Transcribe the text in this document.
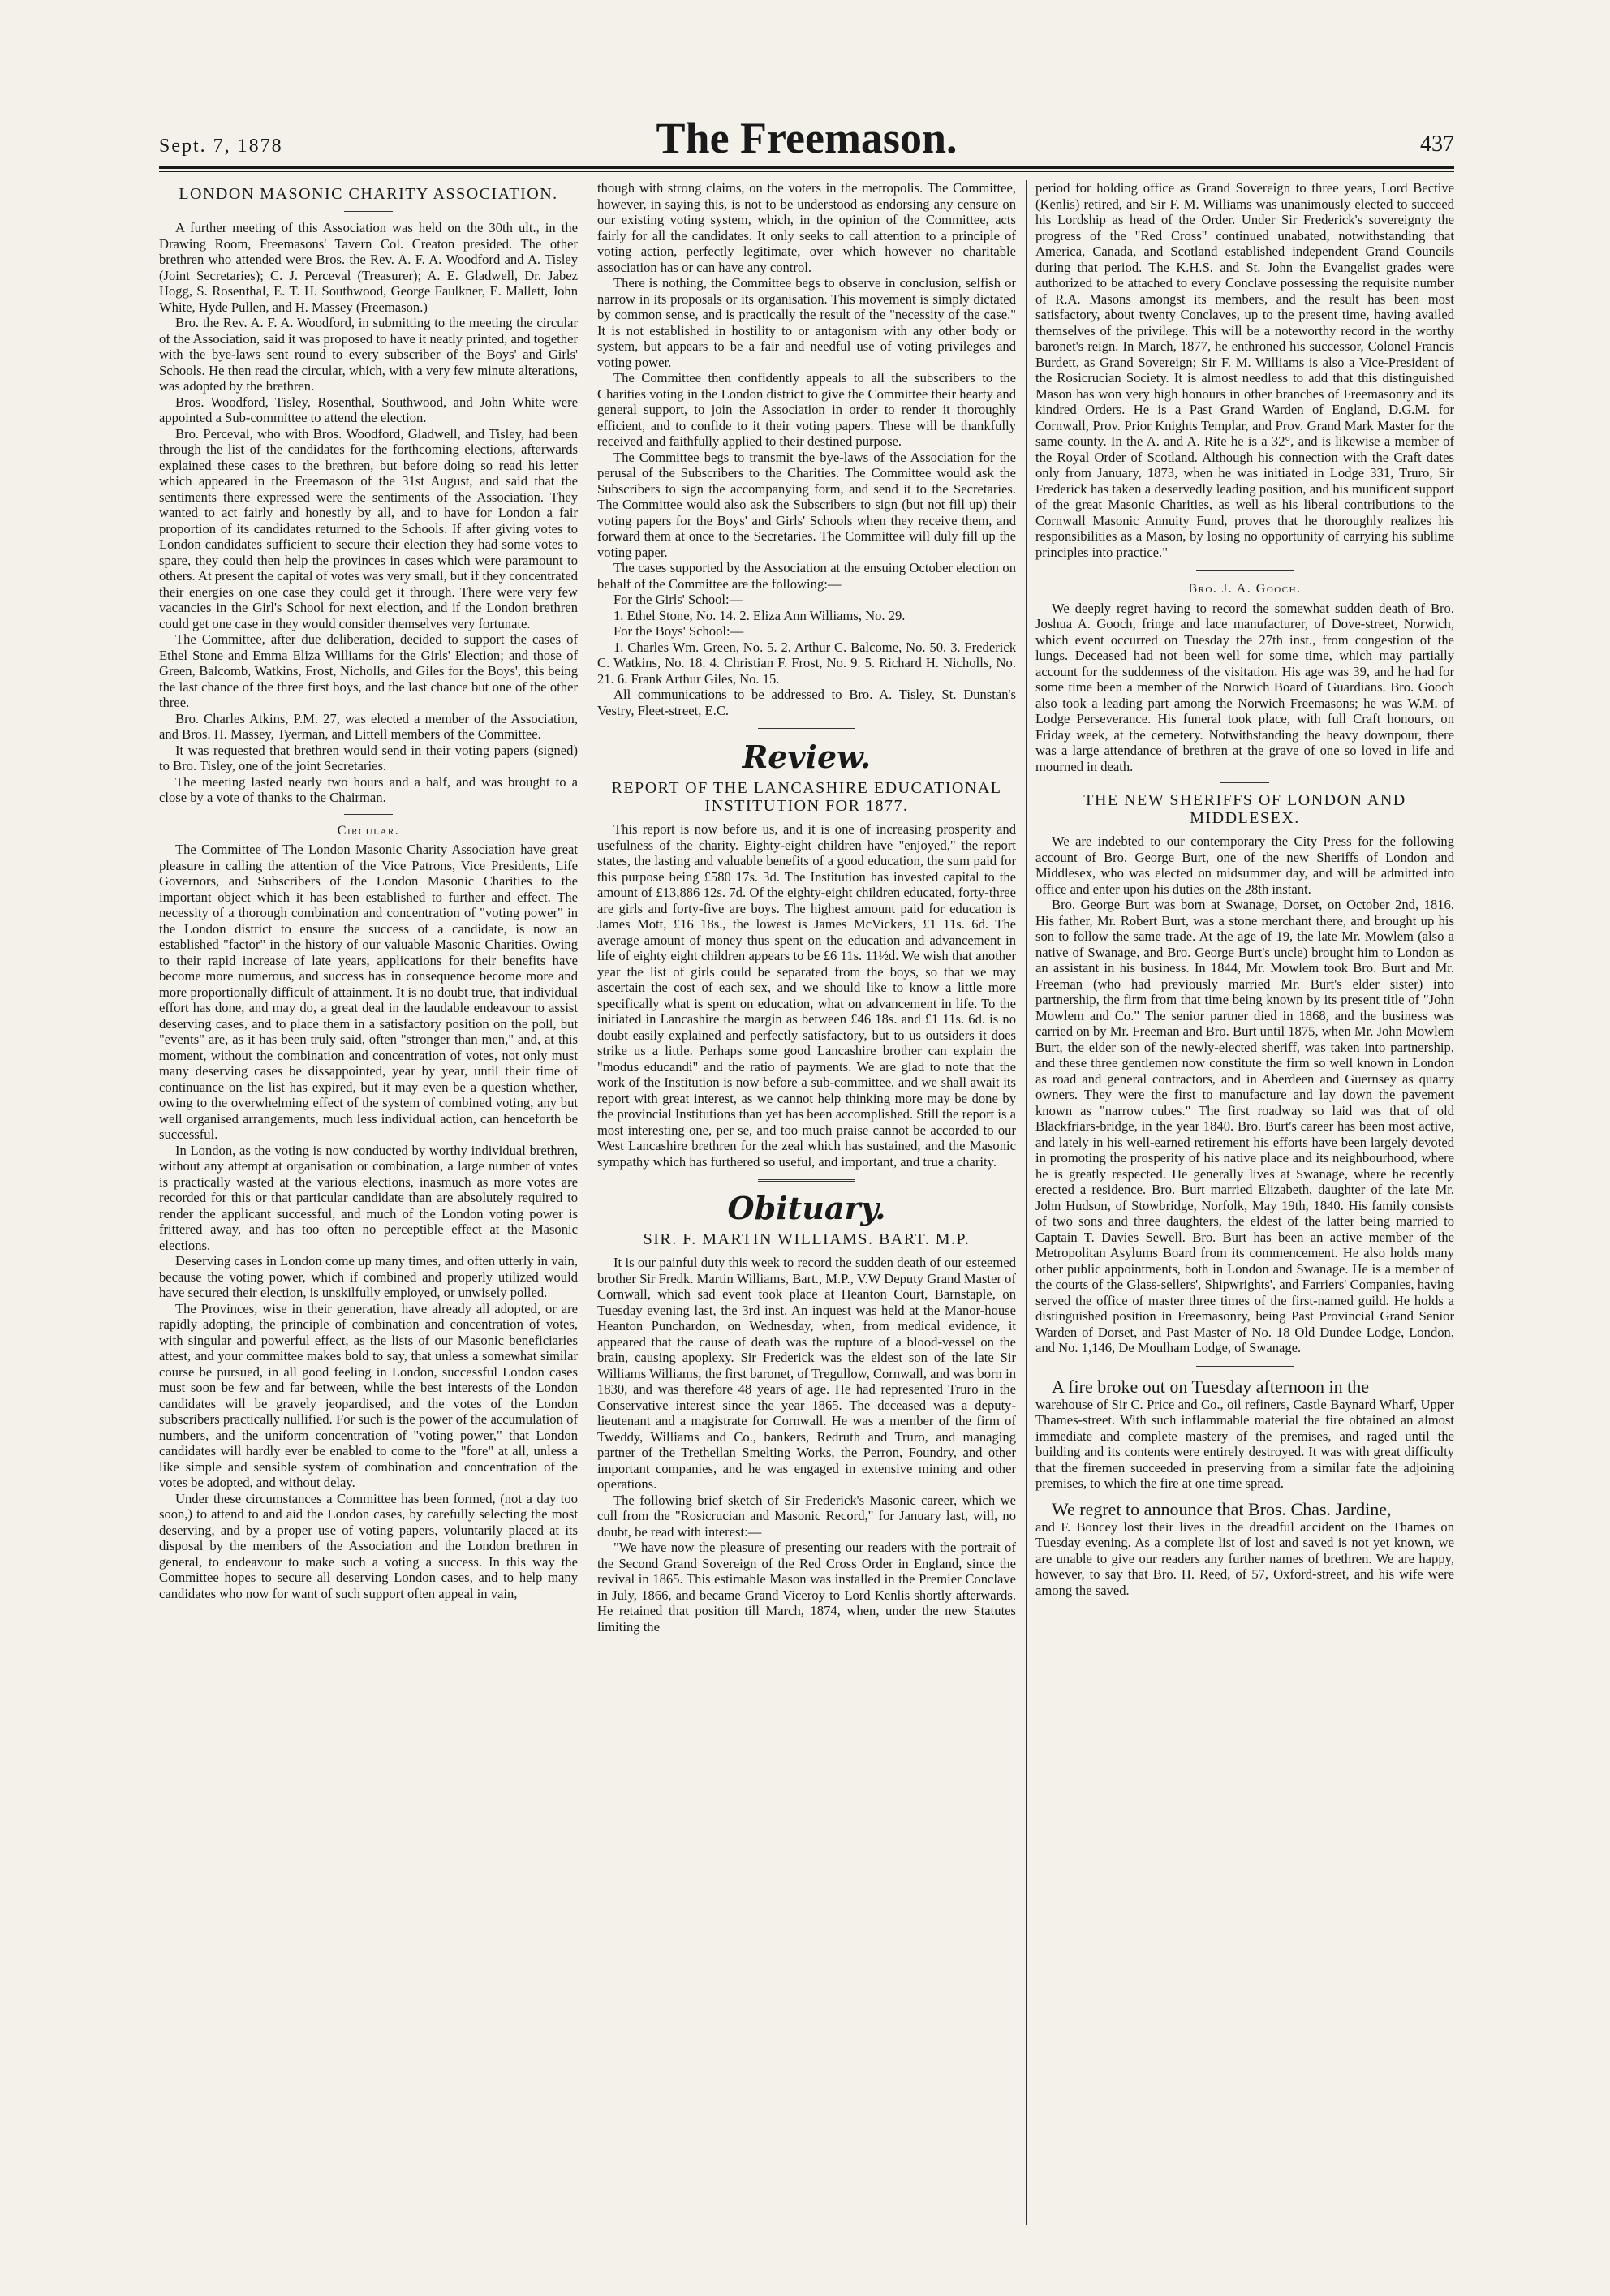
Sept. 7, 1878	The Freemason.	437
LONDON MASONIC CHARITY ASSOCIATION.

A further meeting of this Association was held on the 30th ult., in the Drawing Room, Freemasons' Tavern Col. Creaton presided. The other brethren who attended were Bros. the Rev. A. F. A. Woodford and A. Tisley (Joint Secretaries); C. J. Perceval (Treasurer); A. E. Gladwell, Dr. Jabez Hogg, S. Rosenthal, E. T. H. Southwood, George Faulkner, E. Mallett, John White, Hyde Pullen, and H. Massey (Freemason.)

Bro. the Rev. A. F. A. Woodford, in submitting to the meeting the circular of the Association, said it was proposed to have it neatly printed, and together with the bye-laws sent round to every subscriber of the Boys' and Girls' Schools. He then read the circular, which, with a very few minute alterations, was adopted by the brethren.

Bros. Woodford, Tisley, Rosenthal, Southwood, and John White were appointed a Sub-committee to attend the election.

Bro. Perceval, who with Bros. Woodford, Gladwell, and Tisley, had been through the list of the candidates for the forthcoming elections, afterwards explained these cases to the brethren, but before doing so read his letter which appeared in the Freemason of the 31st August, and said that the sentiments there expressed were the sentiments of the Association. They wanted to act fairly and honestly by all, and to have for London a fair proportion of its candidates returned to the Schools. If after giving votes to London candidates sufficient to secure their election they had some votes to spare, they could then help the provinces in cases which were paramount to others. At present the capital of votes was very small, but if they concentrated their energies on one case they could get it through. There were very few vacancies in the Girl's School for next election, and if the London brethren could get one case in they would consider themselves very fortunate.

The Committee, after due deliberation, decided to support the cases of Ethel Stone and Emma Eliza Williams for the Girls' Election; and those of Green, Balcomb, Watkins, Frost, Nicholls, and Giles for the Boys', this being the last chance of the three first boys, and the last chance but one of the other three.

Bro. Charles Atkins, P.M. 27, was elected a member of the Association, and Bros. H. Massey, Tyerman, and Littell members of the Committee.

It was requested that brethren would send in their voting papers (signed) to Bro. Tisley, one of the joint Secretaries.

The meeting lasted nearly two hours and a half, and was brought to a close by a vote of thanks to the Chairman.

Circular.

The Committee of The London Masonic Charity Association have great pleasure in calling the attention of the Vice Patrons, Vice Presidents, Life Governors, and Subscribers of the London Masonic Charities to the important object which it has been established to further and effect. The necessity of a thorough combination and concentration of "voting power" in the London district to ensure the success of a candidate, is now an established "factor" in the history of our valuable Masonic Charities. Owing to their rapid increase of late years, applications for their benefits have become more numerous, and success has in consequence become more and more proportionally difficult of attainment. It is no doubt true, that individual effort has done, and may do, a great deal in the laudable endeavour to assist deserving cases, and to place them in a satisfactory position on the poll, but "events" are, as it has been truly said, often "stronger than men," and, at this moment, without the combination and concentration of votes, not only must many deserving cases be dissappointed, year by year, until their time of continuance on the list has expired, but it may even be a question whether, owing to the overwhelming effect of the system of combined voting, any but well organised arrangements, much less individual action, can henceforth be successful.

In London, as the voting is now conducted by worthy individual brethren, without any attempt at organisation or combination, a large number of votes is practically wasted at the various elections, inasmuch as more votes are recorded for this or that particular candidate than are absolutely required to render the applicant successful, and much of the London voting power is frittered away, and has too often no perceptible effect at the Masonic elections.

Deserving cases in London come up many times, and often utterly in vain, because the voting power, which if combined and properly utilized would have secured their election, is unskilfully employed, or unwisely polled.

The Provinces, wise in their generation, have already all adopted, or are rapidly adopting, the principle of combination and concentration of votes, with singular and powerful effect, as the lists of our Masonic beneficiaries attest, and your committee makes bold to say, that unless a somewhat similar course be pursued, in all good feeling in London, successful London cases must soon be few and far between, while the best interests of the London candidates will be gravely jeopardised, and the votes of the London subscribers practically nullified. For such is the power of the accumulation of numbers, and the uniform concentration of "voting power," that London candidates will hardly ever be enabled to come to the "fore" at all, unless a like simple and sensible system of combination and concentration of the votes be adopted, and without delay.

Under these circumstances a Committee has been formed, (not a day too soon,) to attend to and aid the London cases, by carefully selecting the most deserving, and by a proper use of voting papers, voluntarily placed at its disposal by the members of the Association and the London brethren in general, to endeavour to make such a voting a success. In this way the Committee hopes to secure all deserving London cases, and to help many candidates who now for want of such support often appeal in vain,

though with strong claims, on the voters in the metropolis. The Committee, however, in saying this, is not to be understood as endorsing any censure on our existing voting system, which, in the opinion of the Committee, acts fairly for all the candidates. It only seeks to call attention to a principle of voting action, perfectly legitimate, over which however no charitable association has or can have any control.

There is nothing, the Committee begs to observe in conclusion, selfish or narrow in its proposals or its organisation. This movement is simply dictated by common sense, and is practically the result of the "necessity of the case." It is not established in hostility to or antagonism with any other body or system, but appears to be a fair and needful use of voting privileges and voting power.

The Committee then confidently appeals to all the subscribers to the Charities voting in the London district to give the Committee their hearty and general support, to join the Association in order to render it thoroughly efficient, and to confide to it their voting papers. These will be thankfully received and faithfully applied to their destined purpose.

The Committee begs to transmit the bye-laws of the Association for the perusal of the Subscribers to the Charities. The Committee would ask the Subscribers to sign the accompanying form, and send it to the Secretaries. The Committee would also ask the Subscribers to sign (but not fill up) their voting papers for the Boys' and Girls' Schools when they receive them, and forward them at once to the Secretaries. The Committee will duly fill up the voting paper.

The cases supported by the Association at the ensuing October election on behalf of the Committee are the following:—

For the Girls' School:—

1. Ethel Stone, No. 14. 2. Eliza Ann Williams, No. 29.

For the Boys' School:—

1. Charles Wm. Green, No. 5. 2. Arthur C. Balcome, No. 50. 3. Frederick C. Watkins, No. 18. 4. Christian F. Frost, No. 9. 5. Richard H. Nicholls, No. 21. 6. Frank Arthur Giles, No. 15.

All communications to be addressed to Bro. A. Tisley, St. Dunstan's Vestry, Fleet-street, E.C.

Review.
REPORT OF THE LANCASHIRE EDUCATIONAL INSTITUTION FOR 1877.

This report is now before us, and it is one of increasing prosperity and usefulness of the charity. Eighty-eight children have "enjoyed," the report states, the lasting and valuable benefits of a good education, the sum paid for this purpose being £580 17s. 3d. The Institution has invested capital to the amount of £13,886 12s. 7d. Of the eighty-eight children educated, forty-three are girls and forty-five are boys. The highest amount paid for education is James Mott, £16 18s., the lowest is James McVickers, £1 11s. 6d. The average amount of money thus spent on the education and advancement in life of eighty eight children appears to be £6 11s. 11½d. We wish that another year the list of girls could be separated from the boys, so that we may ascertain the cost of each sex, and we should like to know a little more specifically what is spent on education, what on advancement in life. To the initiated in Lancashire the margin as between £46 18s. and £1 11s. 6d. is no doubt easily explained and perfectly satisfactory, but to us outsiders it does strike us a little. Perhaps some good Lancashire brother can explain the "modus educandi" and the ratio of payments. We are glad to note that the work of the Institution is now before a sub-committee, and we shall await its report with great interest, as we cannot help thinking more may be done by the provincial Institutions than yet has been accomplished. Still the report is a most interesting one, per se, and too much praise cannot be accorded to our West Lancashire brethren for the zeal which has sustained, and the Masonic sympathy which has furthered so useful, and important, and true a charity.

Obituary.
SIR. F. MARTIN WILLIAMS. BART. M.P.

It is our painful duty this week to record the sudden death of our esteemed brother Sir Fredk. Martin Williams, Bart., M.P., V.W Deputy Grand Master of Cornwall, which sad event took place at Heanton Court, Barnstaple, on Tuesday evening last, the 3rd inst. An inquest was held at the Manor-house Heanton Punchardon, on Wednesday, when, from medical evidence, it appeared that the cause of death was the rupture of a blood-vessel on the brain, causing apoplexy. Sir Frederick was the eldest son of the late Sir Williams Williams, the first baronet, of Tregullow, Cornwall, and was born in 1830, and was therefore 48 years of age. He had represented Truro in the Conservative interest since the year 1865. The deceased was a deputy-lieutenant and a magistrate for Cornwall. He was a member of the firm of Tweddy, Williams and Co., bankers, Redruth and Truro, and managing partner of the Trethellan Smelting Works, the Perron, Foundry, and other important companies, and he was engaged in extensive mining and other operations.

The following brief sketch of Sir Frederick's Masonic career, which we cull from the "Rosicrucian and Masonic Record," for January last, will, no doubt, be read with interest:—

"We have now the pleasure of presenting our readers with the portrait of the Second Grand Sovereign of the Red Cross Order in England, since the revival in 1865. This estimable Mason was installed in the Premier Conclave in July, 1866, and became Grand Viceroy to Lord Kenlis shortly afterwards. He retained that position till March, 1874, when, under the new Statutes limiting the

period for holding office as Grand Sovereign to three years, Lord Bective (Kenlis) retired, and Sir F. M. Williams was unanimously elected to succeed his Lordship as head of the Order. Under Sir Frederick's sovereignty the progress of the "Red Cross" continued unabated, notwithstanding that America, Canada, and Scotland established independent Grand Councils during that period. The K.H.S. and St. John the Evangelist grades were authorized to be attached to every Conclave possessing the requisite number of R.A. Masons amongst its members, and the result has been most satisfactory, about twenty Conclaves, up to the present time, having availed themselves of the privilege. This will be a noteworthy record in the worthy baronet's reign. In March, 1877, he enthroned his successor, Colonel Francis Burdett, as Grand Sovereign; Sir F. M. Williams is also a Vice-President of the Rosicrucian Society. It is almost needless to add that this distinguished Mason has won very high honours in other branches of Freemasonry and its kindred Orders. He is a Past Grand Warden of England, D.G.M. for Cornwall, Prov. Prior Knights Templar, and Prov. Grand Mark Master for the same county. In the A. and A. Rite he is a 32°, and is likewise a member of the Royal Order of Scotland. Although his connection with the Craft dates only from January, 1873, when he was initiated in Lodge 331, Truro, Sir Frederick has taken a deservedly leading position, and his munificent support of the great Masonic Charities, as well as his liberal contributions to the Cornwall Masonic Annuity Fund, proves that he thoroughly realizes his responsibilities as a Mason, by losing no opportunity of carrying his sublime principles into practice."

Bro. J. A. Gooch.

We deeply regret having to record the somewhat sudden death of Bro. Joshua A. Gooch, fringe and lace manufacturer, of Dove-street, Norwich, which event occurred on Tuesday the 27th inst., from congestion of the lungs. Deceased had not been well for some time, which may partially account for the suddenness of the visitation. His age was 39, and he had for some time been a member of the Norwich Board of Guardians. Bro. Gooch also took a leading part among the Norwich Freemasons; he was W.M. of Lodge Perseverance. His funeral took place, with full Craft honours, on Friday week, at the cemetery. Notwithstanding the heavy downpour, there was a large attendance of brethren at the grave of one so loved in life and mourned in death.

THE NEW SHERIFFS OF LONDON AND MIDDLESEX.

We are indebted to our contemporary the City Press for the following account of Bro. George Burt, one of the new Sheriffs of London and Middlesex, who was elected on midsummer day, and will be admitted into office and enter upon his duties on the 28th instant.

Bro. George Burt was born at Swanage, Dorset, on October 2nd, 1816. His father, Mr. Robert Burt, was a stone merchant there, and brought up his son to follow the same trade. At the age of 19, the late Mr. Mowlem (also a native of Swanage, and Bro. George Burt's uncle) brought him to London as an assistant in his business. In 1844, Mr. Mowlem took Bro. Burt and Mr. Freeman (who had previously married Mr. Burt's elder sister) into partnership, the firm from that time being known by its present title of "John Mowlem and Co." The senior partner died in 1868, and the business was carried on by Mr. Freeman and Bro. Burt until 1875, when Mr. John Mowlem Burt, the elder son of the newly-elected sheriff, was taken into partnership, and these three gentlemen now constitute the firm so well known in London as road and general contractors, and in Aberdeen and Guernsey as quarry owners. They were the first to manufacture and lay down the pavement known as "narrow cubes." The first roadway so laid was that of old Blackfriars-bridge, in the year 1840. Bro. Burt's career has been most active, and lately in his well-earned retirement his efforts have been largely devoted in promoting the prosperity of his native place and its neighbourhood, where he is greatly respected. He generally lives at Swanage, where he recently erected a residence. Bro. Burt married Elizabeth, daughter of the late Mr. John Hudson, of Stowbridge, Norfolk, May 19th, 1840. His family consists of two sons and three daughters, the eldest of the latter being married to Captain T. Davies Sewell. Bro. Burt has been an active member of the Metropolitan Asylums Board from its commencement. He also holds many other public appointments, both in London and Swanage. He is a member of the courts of the Glass-sellers', Shipwrights', and Farriers' Companies, having served the office of master three times of the first-named guild. He holds a distinguished position in Freemasonry, being Past Provincial Grand Senior Warden of Dorset, and Past Master of No. 18 Old Dundee Lodge, London, and No. 1,146, De Moulham Lodge, of Swanage.

A fire broke out on Tuesday afternoon in the

warehouse of Sir C. Price and Co., oil refiners, Castle Baynard Wharf, Upper Thames-street. With such inflammable material the fire obtained an almost immediate and complete mastery of the premises, and raged until the building and its contents were entirely destroyed. It was with great difficulty that the firemen succeeded in preserving from a similar fate the adjoining premises, to which the fire at one time spread.

We regret to announce that Bros. Chas. Jardine,

and F. Boncey lost their lives in the dreadful accident on the Thames on Tuesday evening. As a complete list of lost and saved is not yet known, we are unable to give our readers any further names of brethren. We are happy, however, to say that Bro. H. Reed, of 57, Oxford-street, and his wife were among the saved.
